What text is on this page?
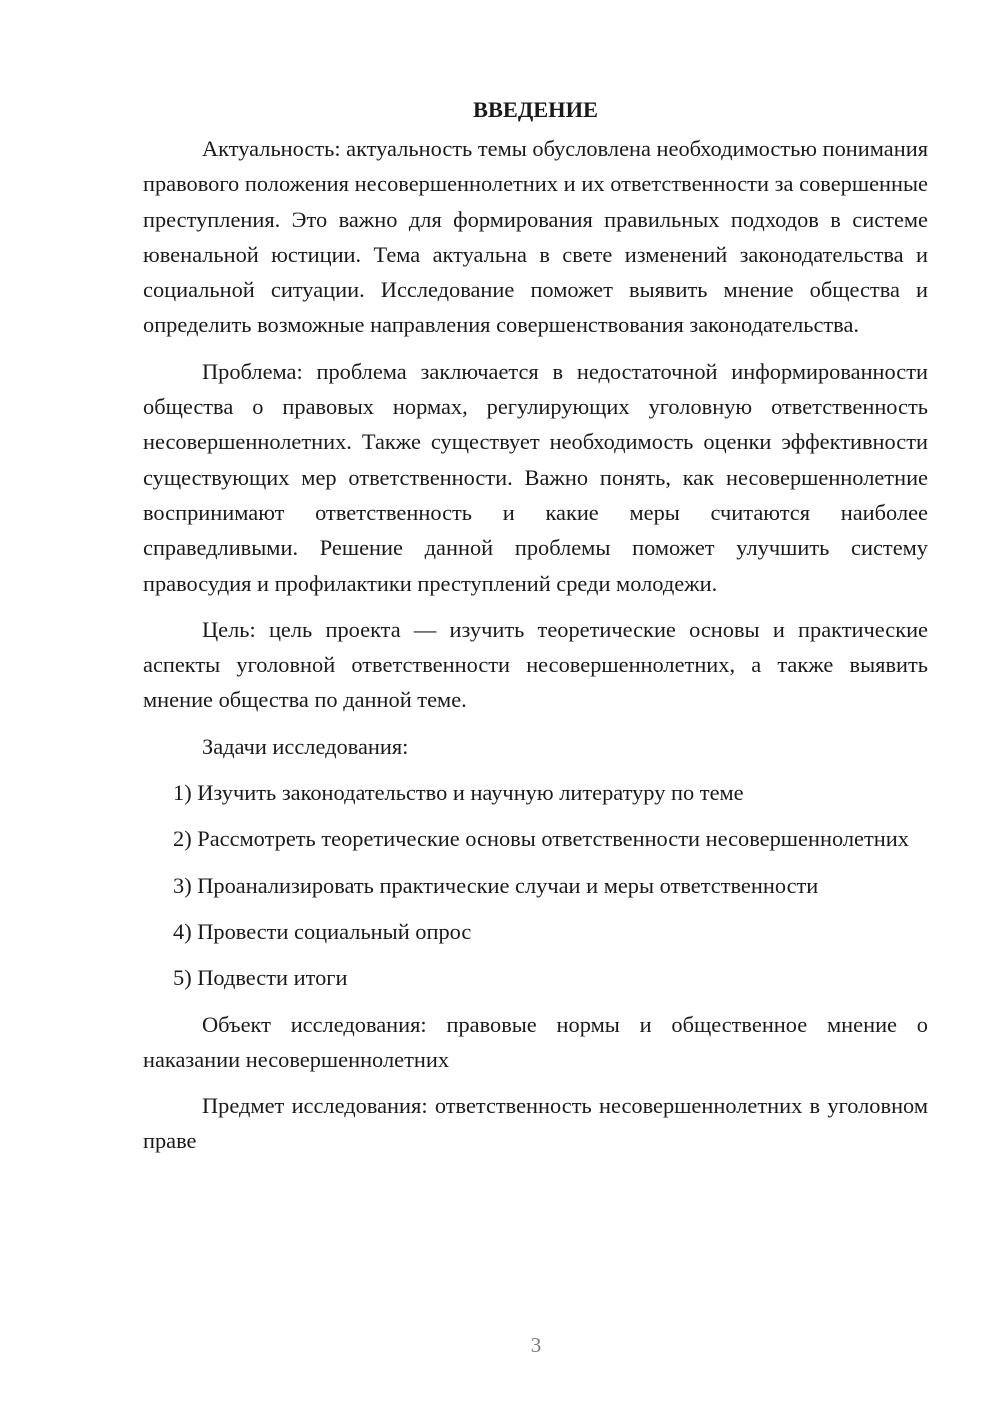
ВВЕДЕНИЕ

Актуальность: актуальность темы обусловлена необходимостью понимания правового положения несовершеннолетних и их ответственности за совершенные преступления. Это важно для формирования правильных подходов в системе ювенальной юстиции. Тема актуальна в свете изменений законодательства и социальной ситуации. Исследование поможет выявить мнение общества и определить возможные направления совершенствования законодательства.

Проблема: проблема заключается в недостаточной информированности общества о правовых нормах, регулирующих уголовную ответственность несовершеннолетних. Также существует необходимость оценки эффективности существующих мер ответственности. Важно понять, как несовершеннолетние воспринимают ответственность и какие меры считаются наиболее справедливыми. Решение данной проблемы поможет улучшить систему правосудия и профилактики преступлений среди молодежи.

Цель: цель проекта — изучить теоретические основы и практические аспекты уголовной ответственности несовершеннолетних, а также выявить мнение общества по данной теме.

Задачи исследования:

1) Изучить законодательство и научную литературу по теме

2) Рассмотреть теоретические основы ответственности несовершеннолетних

3) Проанализировать практические случаи и меры ответственности

4) Провести социальный опрос

5) Подвести итоги

Объект исследования: правовые нормы и общественное мнение о наказании несовершеннолетних

Предмет исследования: ответственность несовершеннолетних в уголовном праве

3
